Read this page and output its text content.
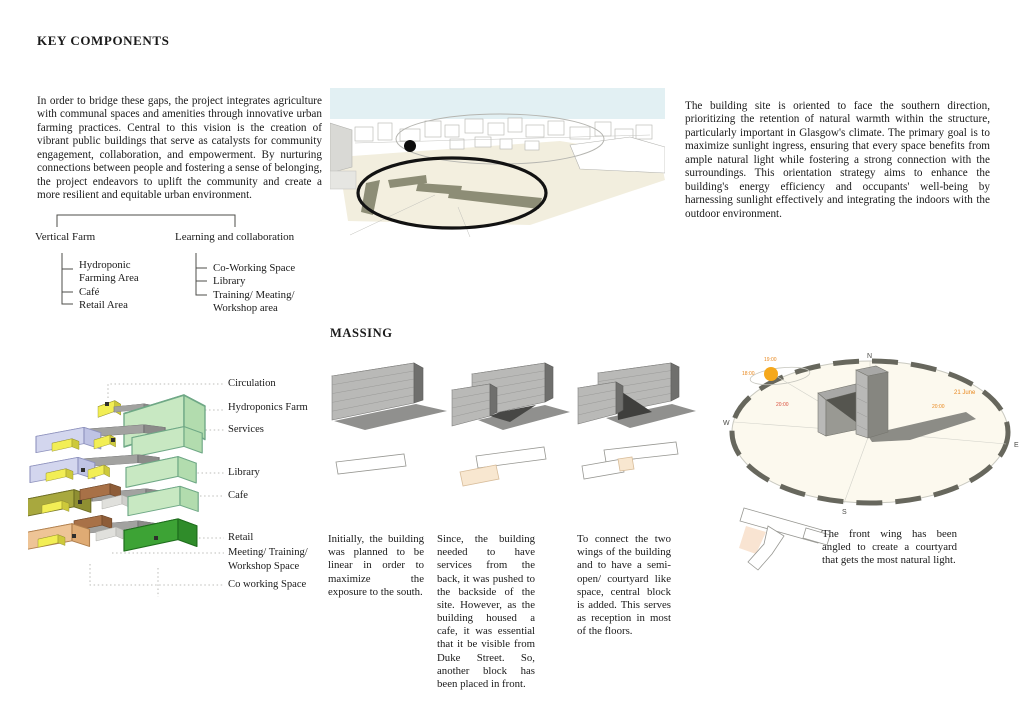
KEY COMPONENTS
In order to bridge these gaps, the project integrates agriculture with communal spaces and amenities through innovative urban farming practices. Central to this vision is the creation of vibrant public buildings that serve as catalysts for community engagement, collaboration, and empowerment. By nurturing connections between people and fostering a sense of belonging, the project endeavors to uplift the community and create a more resilient and equitable urban environment.
Vertical Farm	Learning and collaboration
Hydroponic
Farming Area
Café
Retail Area
Co-Working Space
Library
Training/ Meating/
Workshop area
The building site is oriented to face the southern direction, prioritizing the retention of natural warmth within the structure, particularly important in Glasgow's climate. The primary goal is to maximize sunlight ingress, ensuring that every space benefits from ample natural light while fostering a strong connection with the surroundings. This orientation strategy aims to enhance the building's energy efficiency and occupants' well-being by harnessing sunlight effectively and integrating the indoors with the outdoor environment.
MASSING
Circulation
Hydroponics Farm
Services
Library
Cafe
Retail
Meeting/ Training/
Workshop Space
Co working Space
Initially, the building was planned to be linear in order to maximize the exposure to the south.
Since, the building needed to have services from the back, it was pushed to the backside of the site. However, as the building housed a cafe, it was essential that it be visible from Duke Street. So, another block has been placed in front.
To connect the two wings of the building and to have a semi-open/ courtyard like space, central block is added. This serves as reception in most of the floors.
N
E
S
W
19:00
18:00
20:00
21 June
20:00
The front wing has been angled to create a courtyard that gets the most natural light.
